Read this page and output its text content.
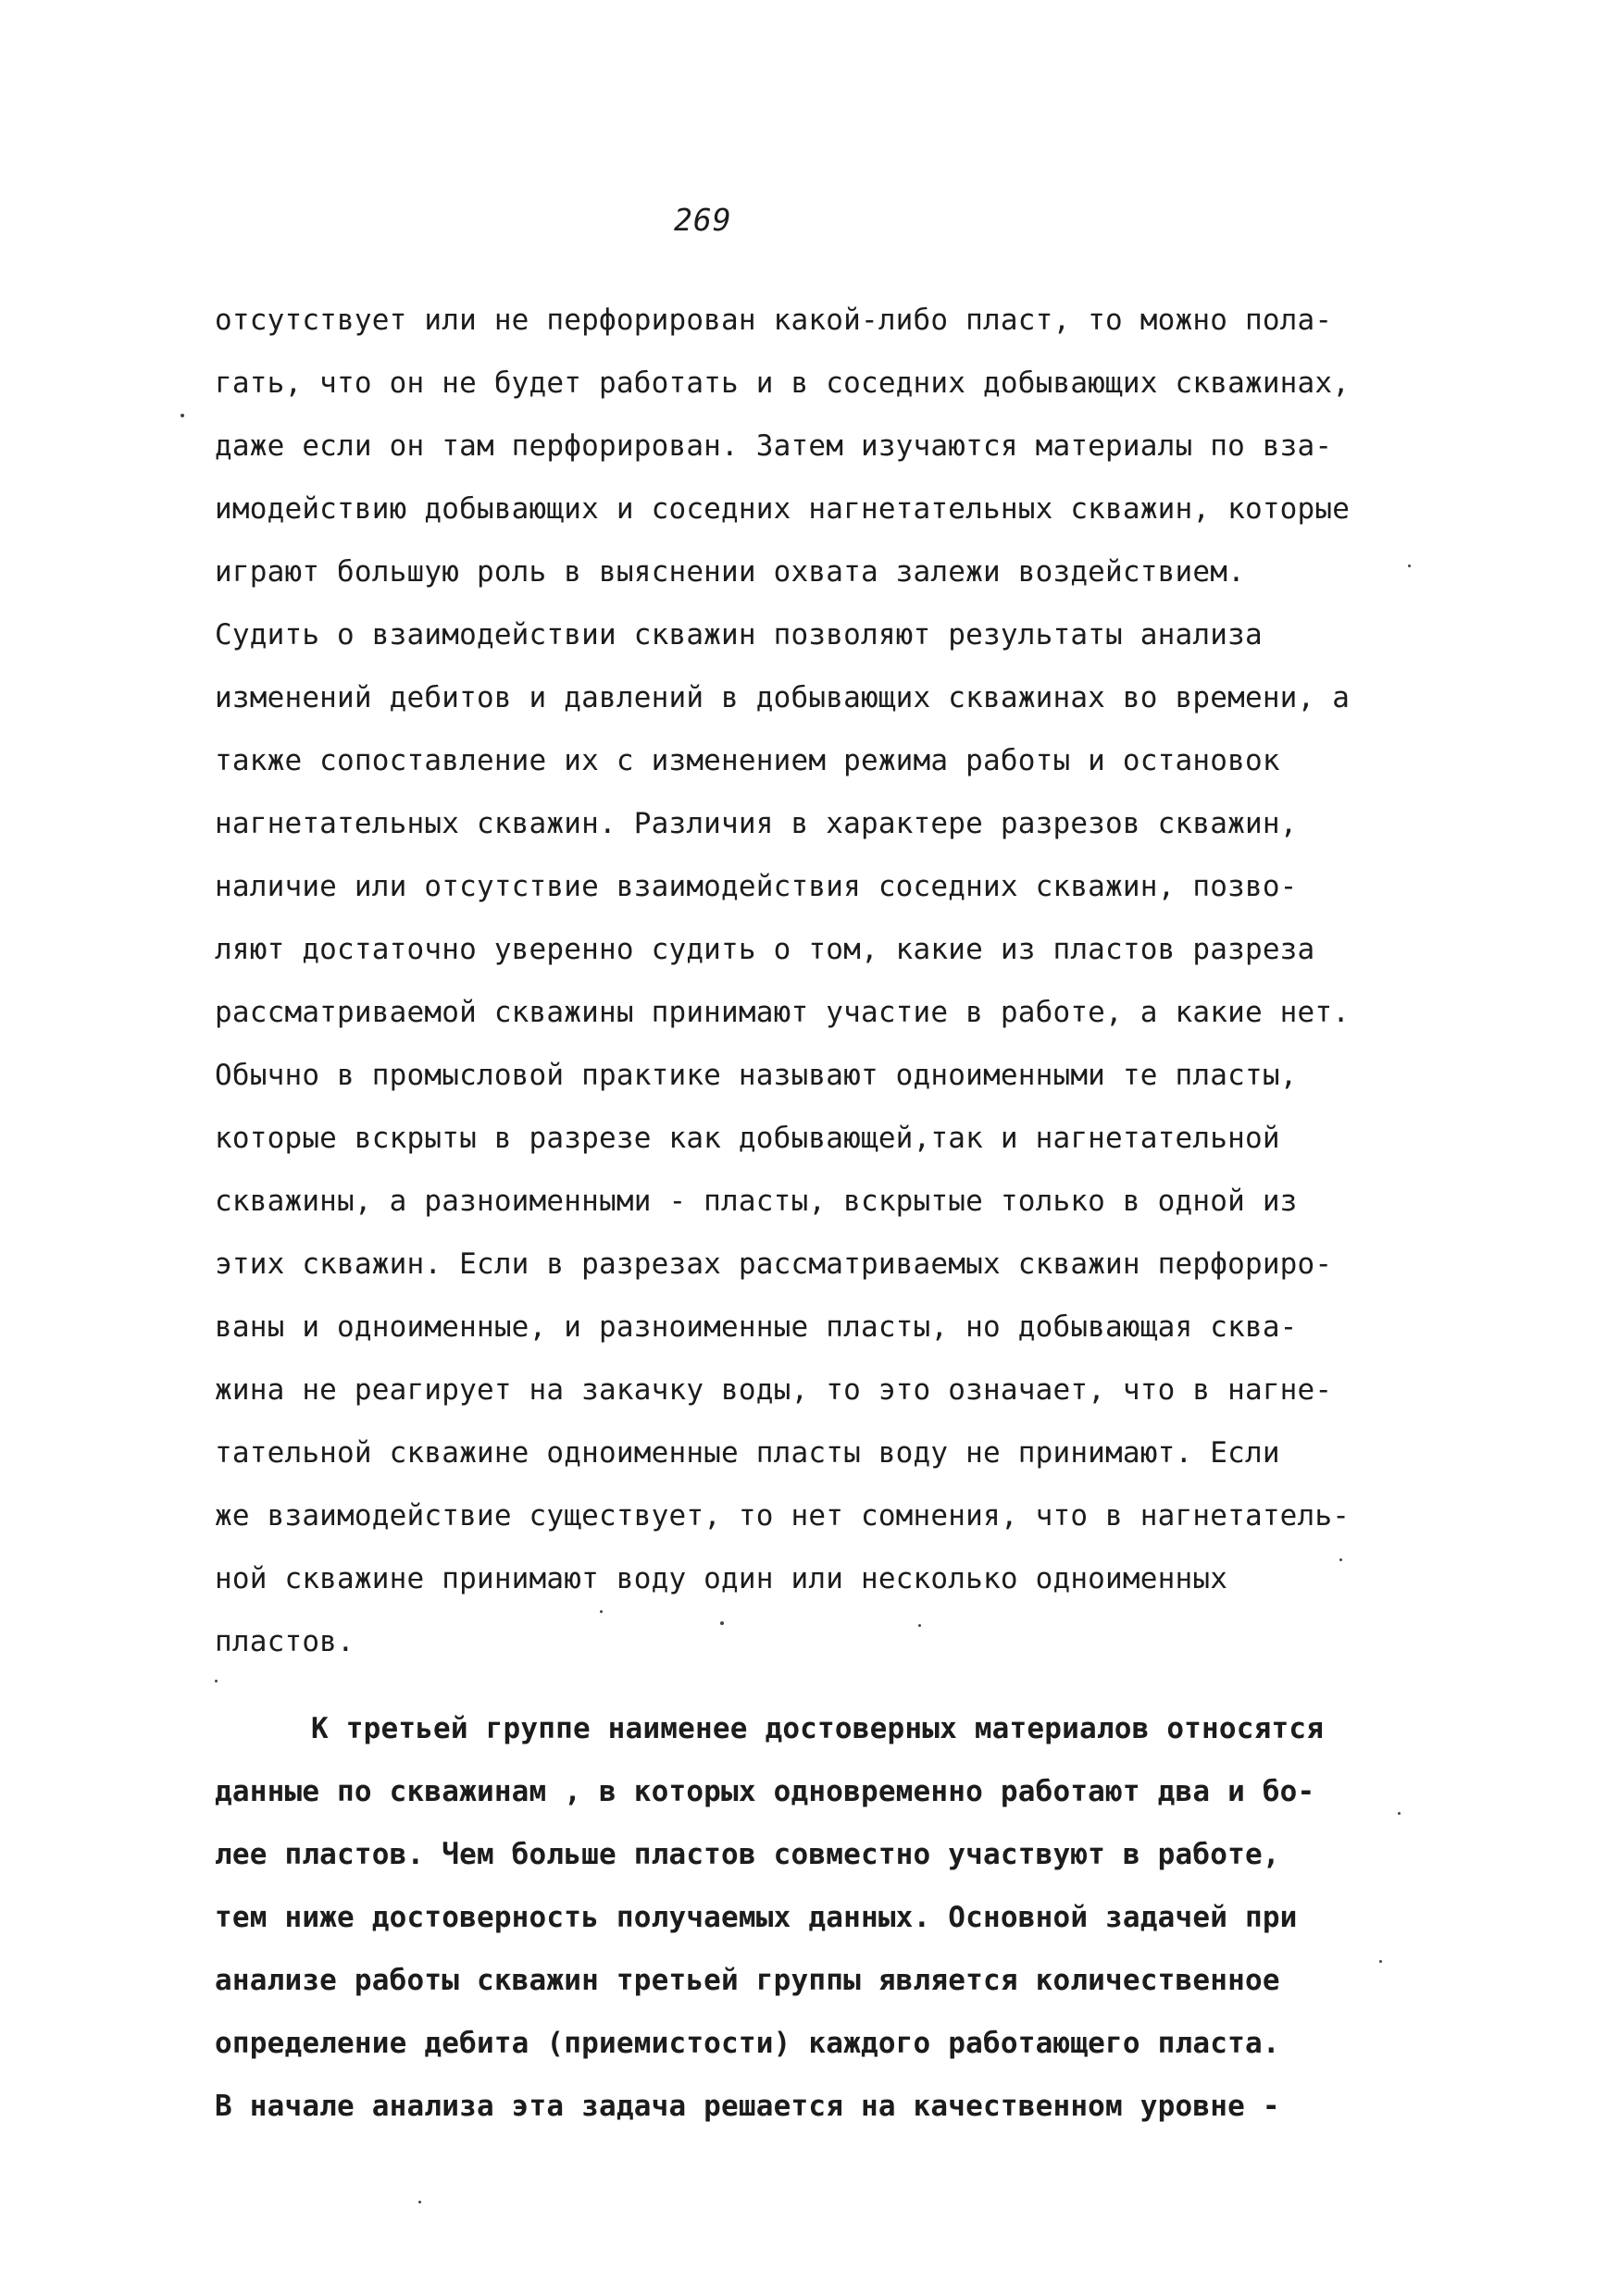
269
отсутствует или не перфорирован какой-либо пласт, то можно пола-
гать, что он не будет работать и в соседних добывающих скважинах,
даже если он там перфорирован. Затем изучаются материалы по вза-
имодействию добывающих и соседних нагнетательных скважин, которые
играют большую роль в выяснении охвата залежи воздействием.
Судить о взаимодействии скважин позволяют результаты анализа
изменений дебитов и давлений в добывающих скважинах во времени, а
также сопоставление их с изменением режима работы и остановок
нагнетательных скважин. Различия в характере разрезов скважин,
наличие или отсутствие взаимодействия соседних скважин, позво-
ляют достаточно уверенно судить о том, какие из пластов разреза
рассматриваемой скважины принимают участие в работе, а какие нет.
Обычно в промысловой практике называют одноименными те пласты,
которые вскрыты в разрезе как добывающей,так и нагнетательной
скважины, а разноименными - пласты, вскрытые только в одной из
этих скважин. Если в разрезах рассматриваемых скважин перфориро-
ваны и одноименные, и разноименные пласты, но добывающая сква-
жина не реагирует на закачку воды, то это означает, что в нагне-
тательной скважине одноименные пласты воду не принимают. Если
же взаимодействие существует, то нет сомнения, что в нагнетатель-
ной скважине принимают воду один или несколько одноименных
пластов.
К третьей группе наименее достоверных материалов относятся
данные по скважинам , в которых одновременно работают два и бо-
лее пластов. Чем больше пластов совместно участвуют в работе,
тем ниже достоверность получаемых данных. Основной задачей при
анализе работы скважин третьей группы является количественное
определение дебита (приемистости) каждого работающего пласта.
В начале анализа эта задача решается на качественном уровне -
